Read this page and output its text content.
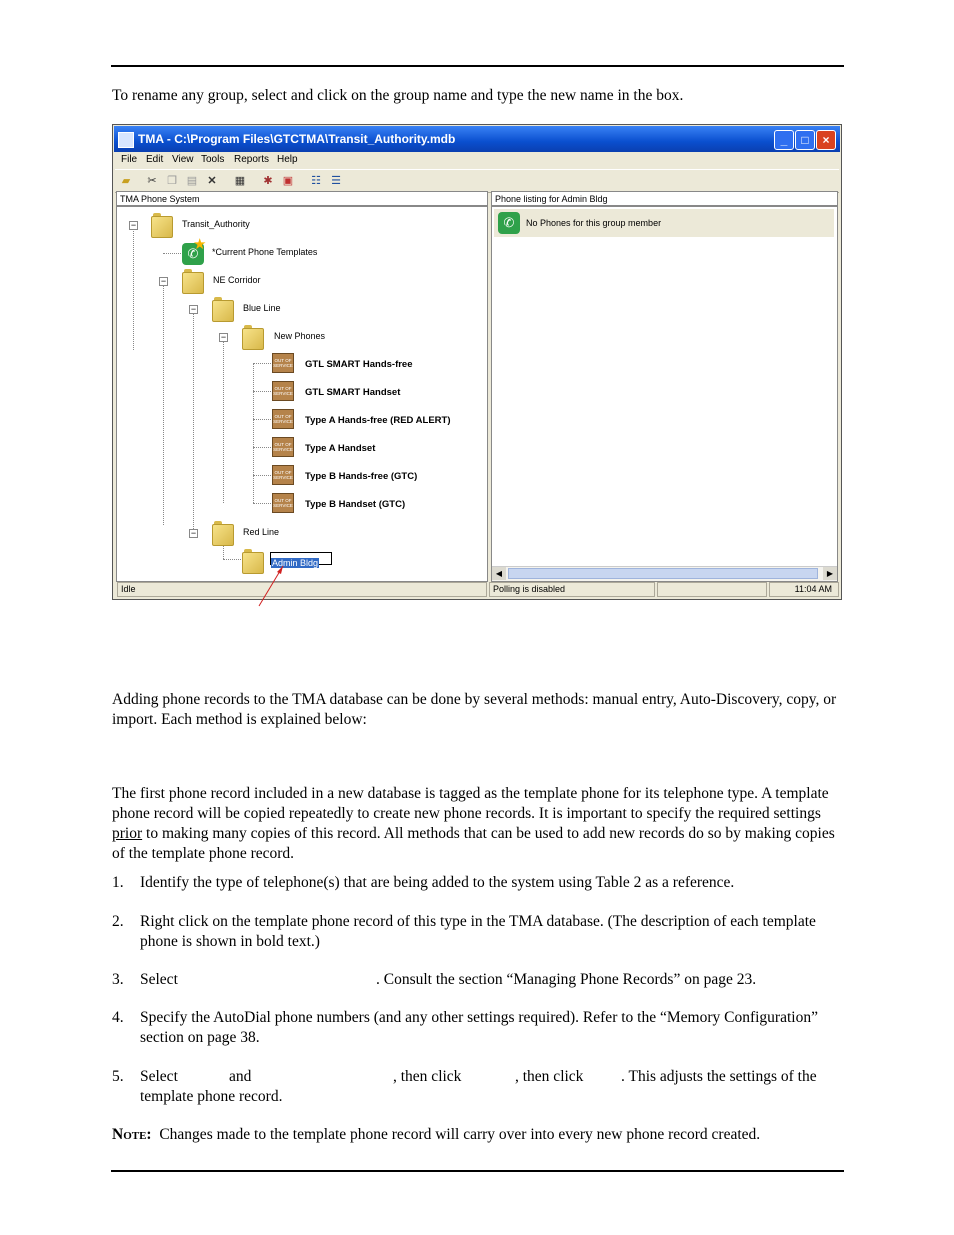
To rename any group, select and click on the group name and type the new name in the box.
TMA - C:\Program Files\GTCTMA\Transit_Authority.mdb	_	□	×
File Edit View Tools Reports Help
▰ ✂ ❐ ▤ ✕ ▦ ✱ ▣ ☷ ☰
TMA Phone System	Phone listing for Admin Bldg
−	Transit_Authority
✆
★ *Current Phone Templates
−	NE Corridor
−	Blue Line
−	New Phones
OUT OF SERVICE GTL SMART Hands-free
OUT OF SERVICE GTL SMART Handset
OUT OF SERVICE Type A Hands-free (RED ALERT)
OUT OF SERVICE Type A Handset
OUT OF SERVICE Type B Hands-free (GTC)
OUT OF SERVICE Type B Handset (GTC)
−	Red Line
Admin Bldg
✆	No Phones for this group member
◀	▶
Idle	Polling is disabled	11:04 AM
Adding phone records to the TMA database can be done by several methods: manual entry, Auto-Discovery, copy, or import. Each method is explained below:
The first phone record included in a new database is tagged as the template phone for its telephone type. A template phone record will be copied repeatedly to create new phone records. It is important to specify the required settings prior to making many copies of this record. All methods that can be used to add new records do so by making copies of the template phone record.
1.	Identify the type of telephone(s) that are being added to the system using Table 2 as a reference.
2.	Right click on the template phone record of this type in the TMA database. (The description of each template phone is shown in bold text.)
3.	Select	. Consult the section “Managing Phone Records” on page 23.
4.	Specify the AutoDial phone numbers (and any other settings required). Refer to the “Memory Configuration” section on page 38.
5.	Select	and	, then click	, then click . This adjusts the settings of the
template phone record.
Note: Changes made to the template phone record will carry over into every new phone record created.
